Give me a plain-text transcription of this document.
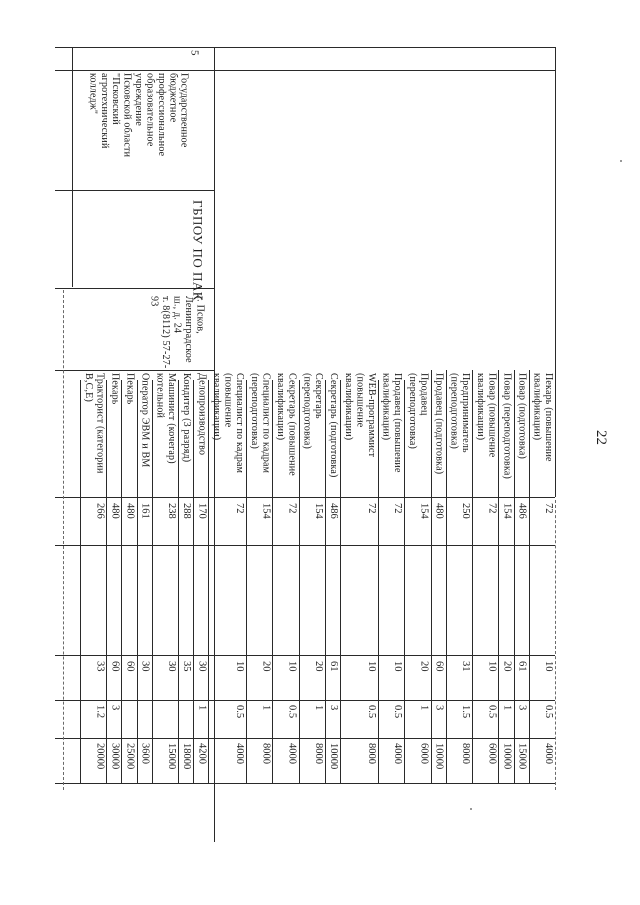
22
5
Государственное
бюджетное
профессиональное
образовательное
учреждение
Псковской области
"Псковский
агротехнический
колледж"
ГБПОУ ПО ПАК
г. Псков,
Ленинградское
ш., д. 24
т. 8(8112) 57-27-
93
Пекарь (повышение
квалификации)
72
10
0.5
4000
Повар (подготовка)
486
61
3
15000
Повар (переподготовка)
154
20
1
10000
Повар (повышение
квалификации)
72
10
0.5
6000
Предприниматель
(переподготовка)
250
31
1.5
8000
Продавец (подготовка)
480
60
3
10000
Продавец
(переподготовка)
154
20
1
6000
Продавец (повышение
квалификации)
72
10
0.5
4000
WEB-программист
(повышение
квалификации)
72
10
0.5
8000
Секретарь (подготовка)
486
61
3
10000
Секретарь
(переподготовка)
154
20
1
8000
Секретарь (повышение
квалификации)
72
10
0.5
4000
Специалист по кадрам
(переподготовка)
154
20
1
8000
Специалист по кадрам
(повышение
квалификации)
72
10
0.5
4000
Делопроизводство
170
30
1
4200
Кондитер (3 разряд)
288
35
18000
Машинист (кочегар)
котельной
238
30
15000
Оператор ЭВМ и ВМ
161
30
3600
Пекарь
480
60
25000
Пекарь
480
60
3
30000
Тракторист (категории
B,C,E)
266
33
1.2
20000
